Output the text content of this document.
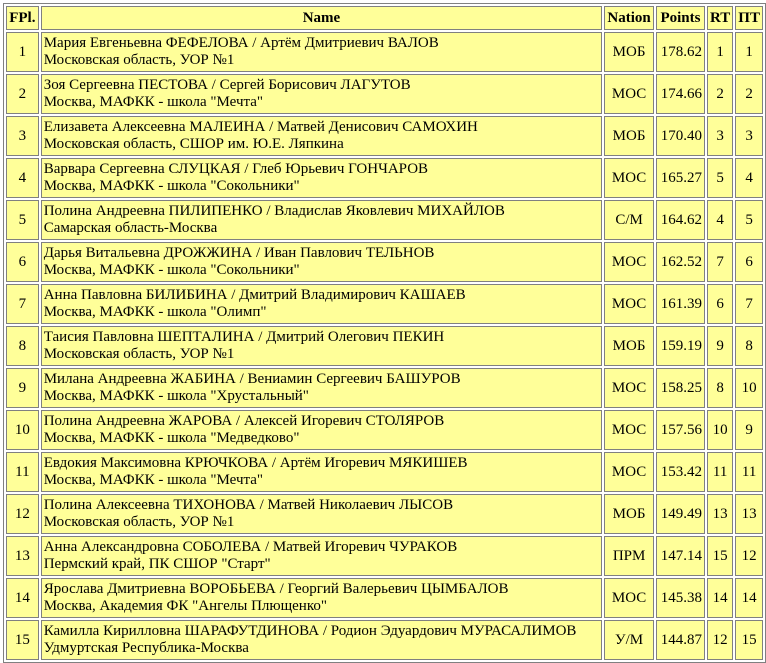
FPl.	Name	Nation	Points	RT	ПТ
1	Мария Евгеньевна ФЕФЕЛОВА / Артём Дмитриевич ВАЛОВ
Московская область, УОР №1	МОБ	178.62	1	1
2	Зоя Сергеевна ПЕСТОВА / Сергей Борисович ЛАГУТОВ
Москва, МАФКК - школа "Мечта"	МОС	174.66	2	2
3	Елизавета Алексеевна МАЛЕИНА / Матвей Денисович САМОХИН
Московская область, СШОР им. Ю.Е. Ляпкина	МОБ	170.40	3	3
4	Варвара Сергеевна СЛУЦКАЯ / Глеб Юрьевич ГОНЧАРОВ
Москва, МАФКК - школа "Сокольники"	МОС	165.27	5	4
5	Полина Андреевна ПИЛИПЕНКО / Владислав Яковлевич МИХАЙЛОВ
Самарская область-Москва	С/М	164.62	4	5
6	Дарья Витальевна ДРОЖЖИНА / Иван Павлович ТЕЛЬНОВ
Москва, МАФКК - школа "Сокольники"	МОС	162.52	7	6
7	Анна Павловна БИЛИБИНА / Дмитрий Владимирович КАШАЕВ
Москва, МАФКК - школа "Олимп"	МОС	161.39	6	7
8	Таисия Павловна ШЕПТАЛИНА / Дмитрий Олегович ПЕКИН
Московская область, УОР №1	МОБ	159.19	9	8
9	Милана Андреевна ЖАБИНА / Вениамин Сергеевич БАШУРОВ
Москва, МАФКК - школа "Хрустальный"	МОС	158.25	8	10
10	Полина Андреевна ЖАРОВА / Алексей Игоревич СТОЛЯРОВ
Москва, МАФКК - школа "Медведково"	МОС	157.56	10	9
11	Евдокия Максимовна КРЮЧКОВА / Артём Игоревич МЯКИШЕВ
Москва, МАФКК - школа "Мечта"	МОС	153.42	11	11
12	Полина Алексеевна ТИХОНОВА / Матвей Николаевич ЛЫСОВ
Московская область, УОР №1	МОБ	149.49	13	13
13	Анна Александровна СОБОЛЕВА / Матвей Игоревич ЧУРАКОВ
Пермский край, ПК СШОР "Старт"	ПРМ	147.14	15	12
14	Ярослава Дмитриевна ВОРОБЬЕВА / Георгий Валерьевич ЦЫМБАЛОВ
Москва, Академия ФК "Ангелы Плющенко"	МОС	145.38	14	14
15	Камилла Кирилловна ШАРАФУТДИНОВА / Родион Эдуардович МУРАСАЛИМОВ
Удмуртская Республика-Москва	У/М	144.87	12	15
